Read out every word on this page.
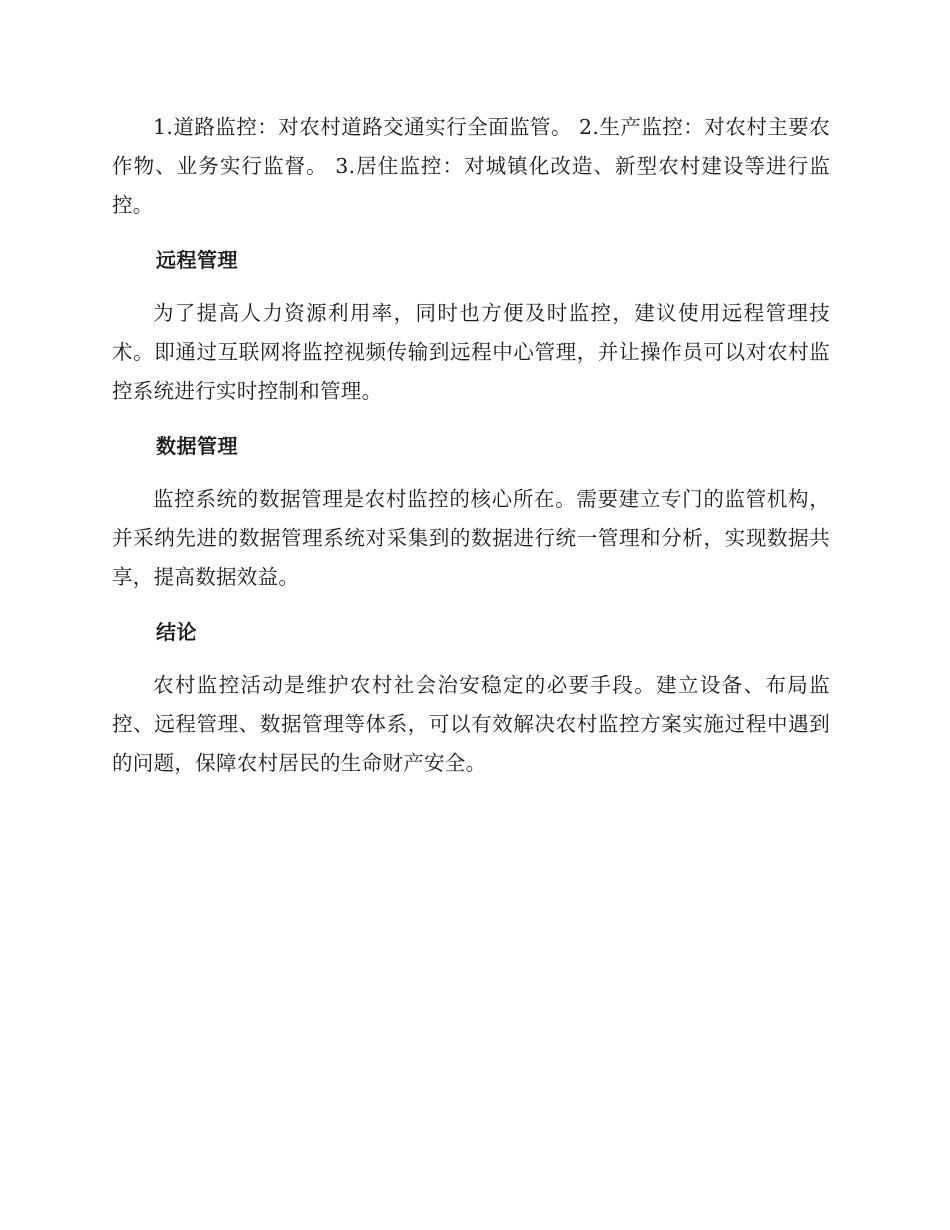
1.道路监控：对农村道路交通实行全面监管。 2.生产监控：对农村主要农作物、业务实行监督。 3.居住监控：对城镇化改造、新型农村建设等进行监控。

远程管理

为了提高人力资源利用率，同时也方便及时监控，建议使用远程管理技术。即通过互联网将监控视频传输到远程中心管理，并让操作员可以对农村监控系统进行实时控制和管理。

数据管理

监控系统的数据管理是农村监控的核心所在。需要建立专门的监管机构，并采纳先进的数据管理系统对采集到的数据进行统一管理和分析，实现数据共享，提高数据效益。

结论

农村监控活动是维护农村社会治安稳定的必要手段。建立设备、布局监控、远程管理、数据管理等体系，可以有效解决农村监控方案实施过程中遇到的问题，保障农村居民的生命财产安全。
